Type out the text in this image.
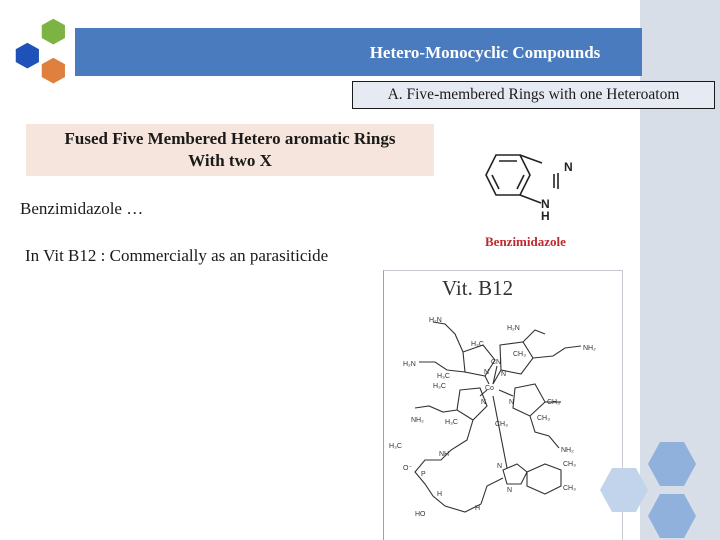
Hetero-Monocyclic Compounds
A. Five-membered Rings with one Heteroatom
Fused Five Membered Hetero aromatic Rings
With two X
Benzimidazole …
In Vit B12 : Commercially as an parasiticide
N
N
H
Benzimidazole
Vit. B12
H₂N
H₂N
NH₂
H₂N
H₃C
CH₃
H₃C
H₃C	Co
CN
CH₃
CH₃
NH₂	H₃C	CH₃
NH₂
H₃C
NH
CH₃
CH₃
P
O⁻
H
H
HO
N N
N
N
N
N
